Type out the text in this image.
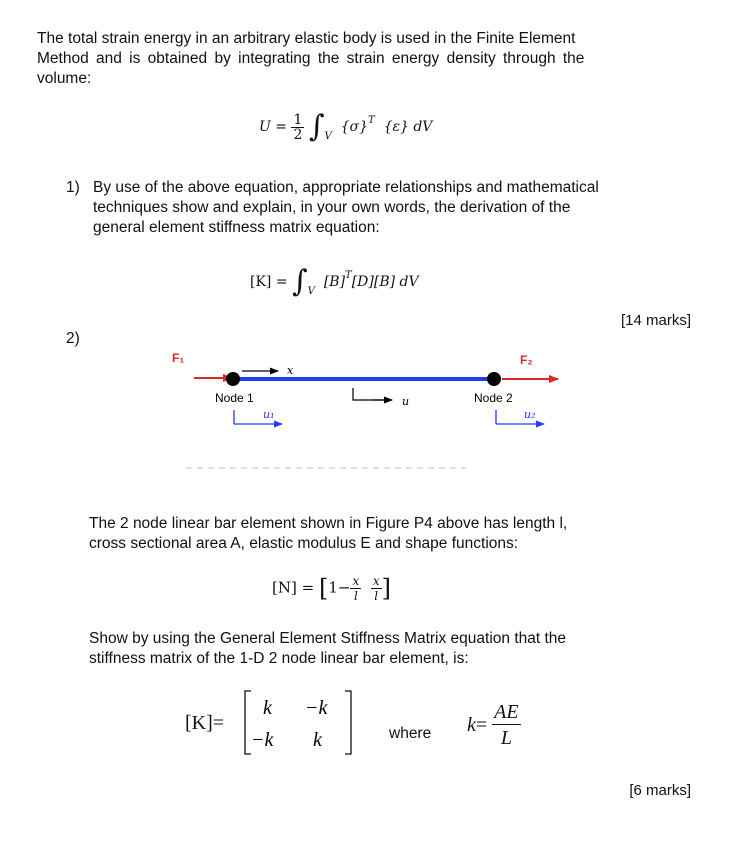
The total strain energy in an arbitrary elastic body is used in the Finite Element
Method and is obtained by integrating the strain energy density through the
volume:
$U = \frac{1}{2} \int_V$  $\{\sigma\}^T$ {ε} dV
1) By use of the above equation, appropriate relationships and mathematical
techniques show and explain, in your own words, the derivation of the
general element stiffness matrix equation:
$[K] = \int_V$  $[B]^T[D][B]$ dV
[14 marks]
2)
F₁
x
F₂
u
Node 1	Node 2
u₁	u₂
The 2 node linear bar element shown in Figure P4 above has length l,
cross sectional area A, elastic modulus E and shape functions:
$[N] = [1- \frac{x}{l}$
$\frac{x}{l}$ ]
Show by using the General Element Stiffness Matrix equation that the
stiffness matrix of the 1-D 2 node linear bar element, is:
[K]=
k −k
−k k	where $k= \frac{AE}{L}$
[6 marks]
